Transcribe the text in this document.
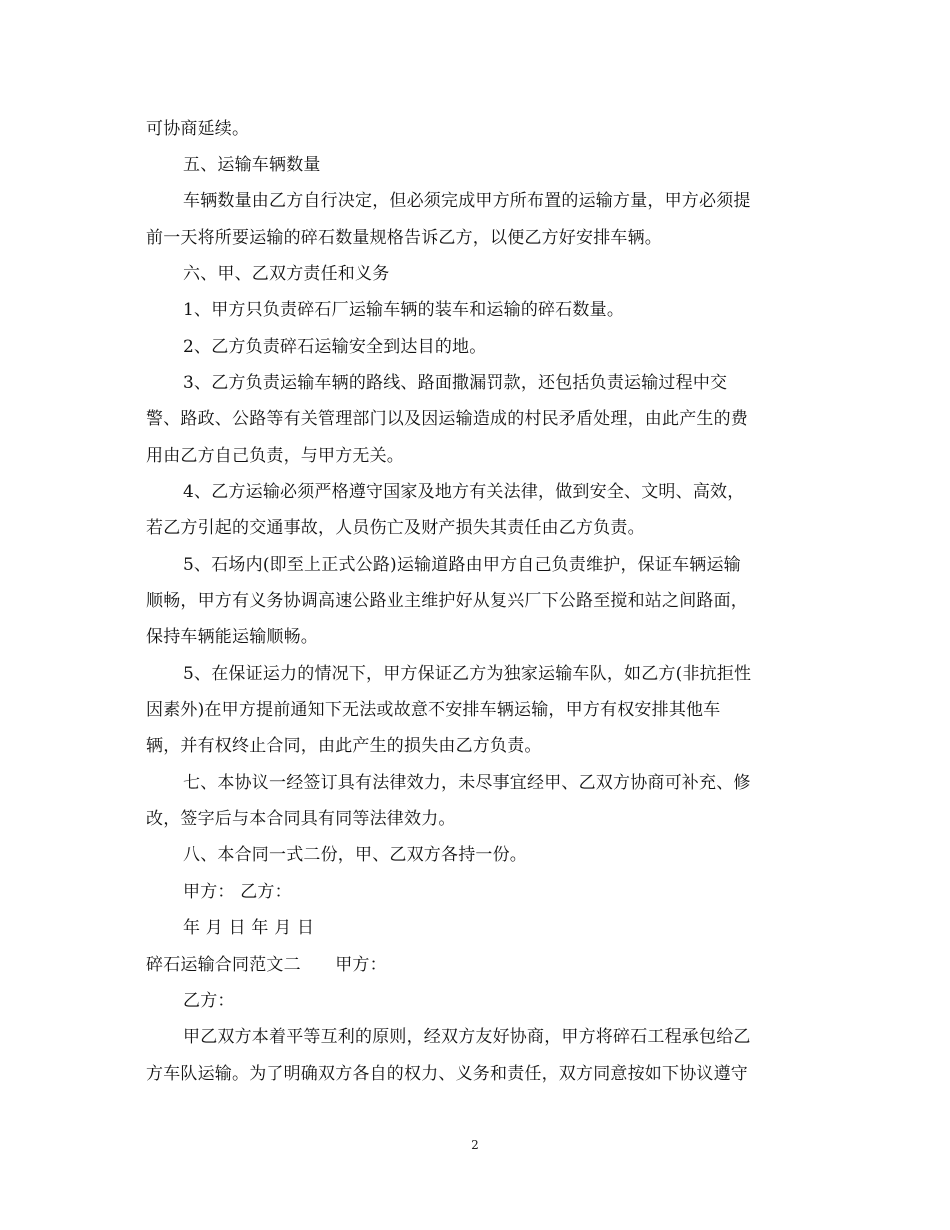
可协商延续。
五、运输车辆数量
车辆数量由乙方自行决定，但必须完成甲方所布置的运输方量，甲方必须提
前一天将所要运输的碎石数量规格告诉乙方，以便乙方好安排车辆。
六、甲、乙双方责任和义务
1、甲方只负责碎石厂运输车辆的装车和运输的碎石数量。
2、乙方负责碎石运输安全到达目的地。
3、乙方负责运输车辆的路线、路面撒漏罚款，还包括负责运输过程中交
警、路政、公路等有关管理部门以及因运输造成的村民矛盾处理，由此产生的费
用由乙方自己负责，与甲方无关。
4、乙方运输必须严格遵守国家及地方有关法律，做到安全、文明、高效，
若乙方引起的交通事故，人员伤亡及财产损失其责任由乙方负责。
5、石场内(即至上正式公路)运输道路由甲方自己负责维护，保证车辆运输
顺畅，甲方有义务协调高速公路业主维护好从复兴厂下公路至搅和站之间路面，
保持车辆能运输顺畅。
5、在保证运力的情况下，甲方保证乙方为独家运输车队，如乙方(非抗拒性
因素外)在甲方提前通知下无法或故意不安排车辆运输，甲方有权安排其他车
辆，并有权终止合同，由此产生的损失由乙方负责。
七、本协议一经签订具有法律效力，未尽事宜经甲、乙双方协商可补充、修
改，签字后与本合同具有同等法律效力。
八、本合同一式二份，甲、乙双方各持一份。
甲方： 乙方：
年 月 日 年 月 日
碎石运输合同范文二　　甲方：
乙方：
甲乙双方本着平等互利的原则，经双方友好协商，甲方将碎石工程承包给乙
方车队运输。为了明确双方各自的权力、义务和责任，双方同意按如下协议遵守
2
